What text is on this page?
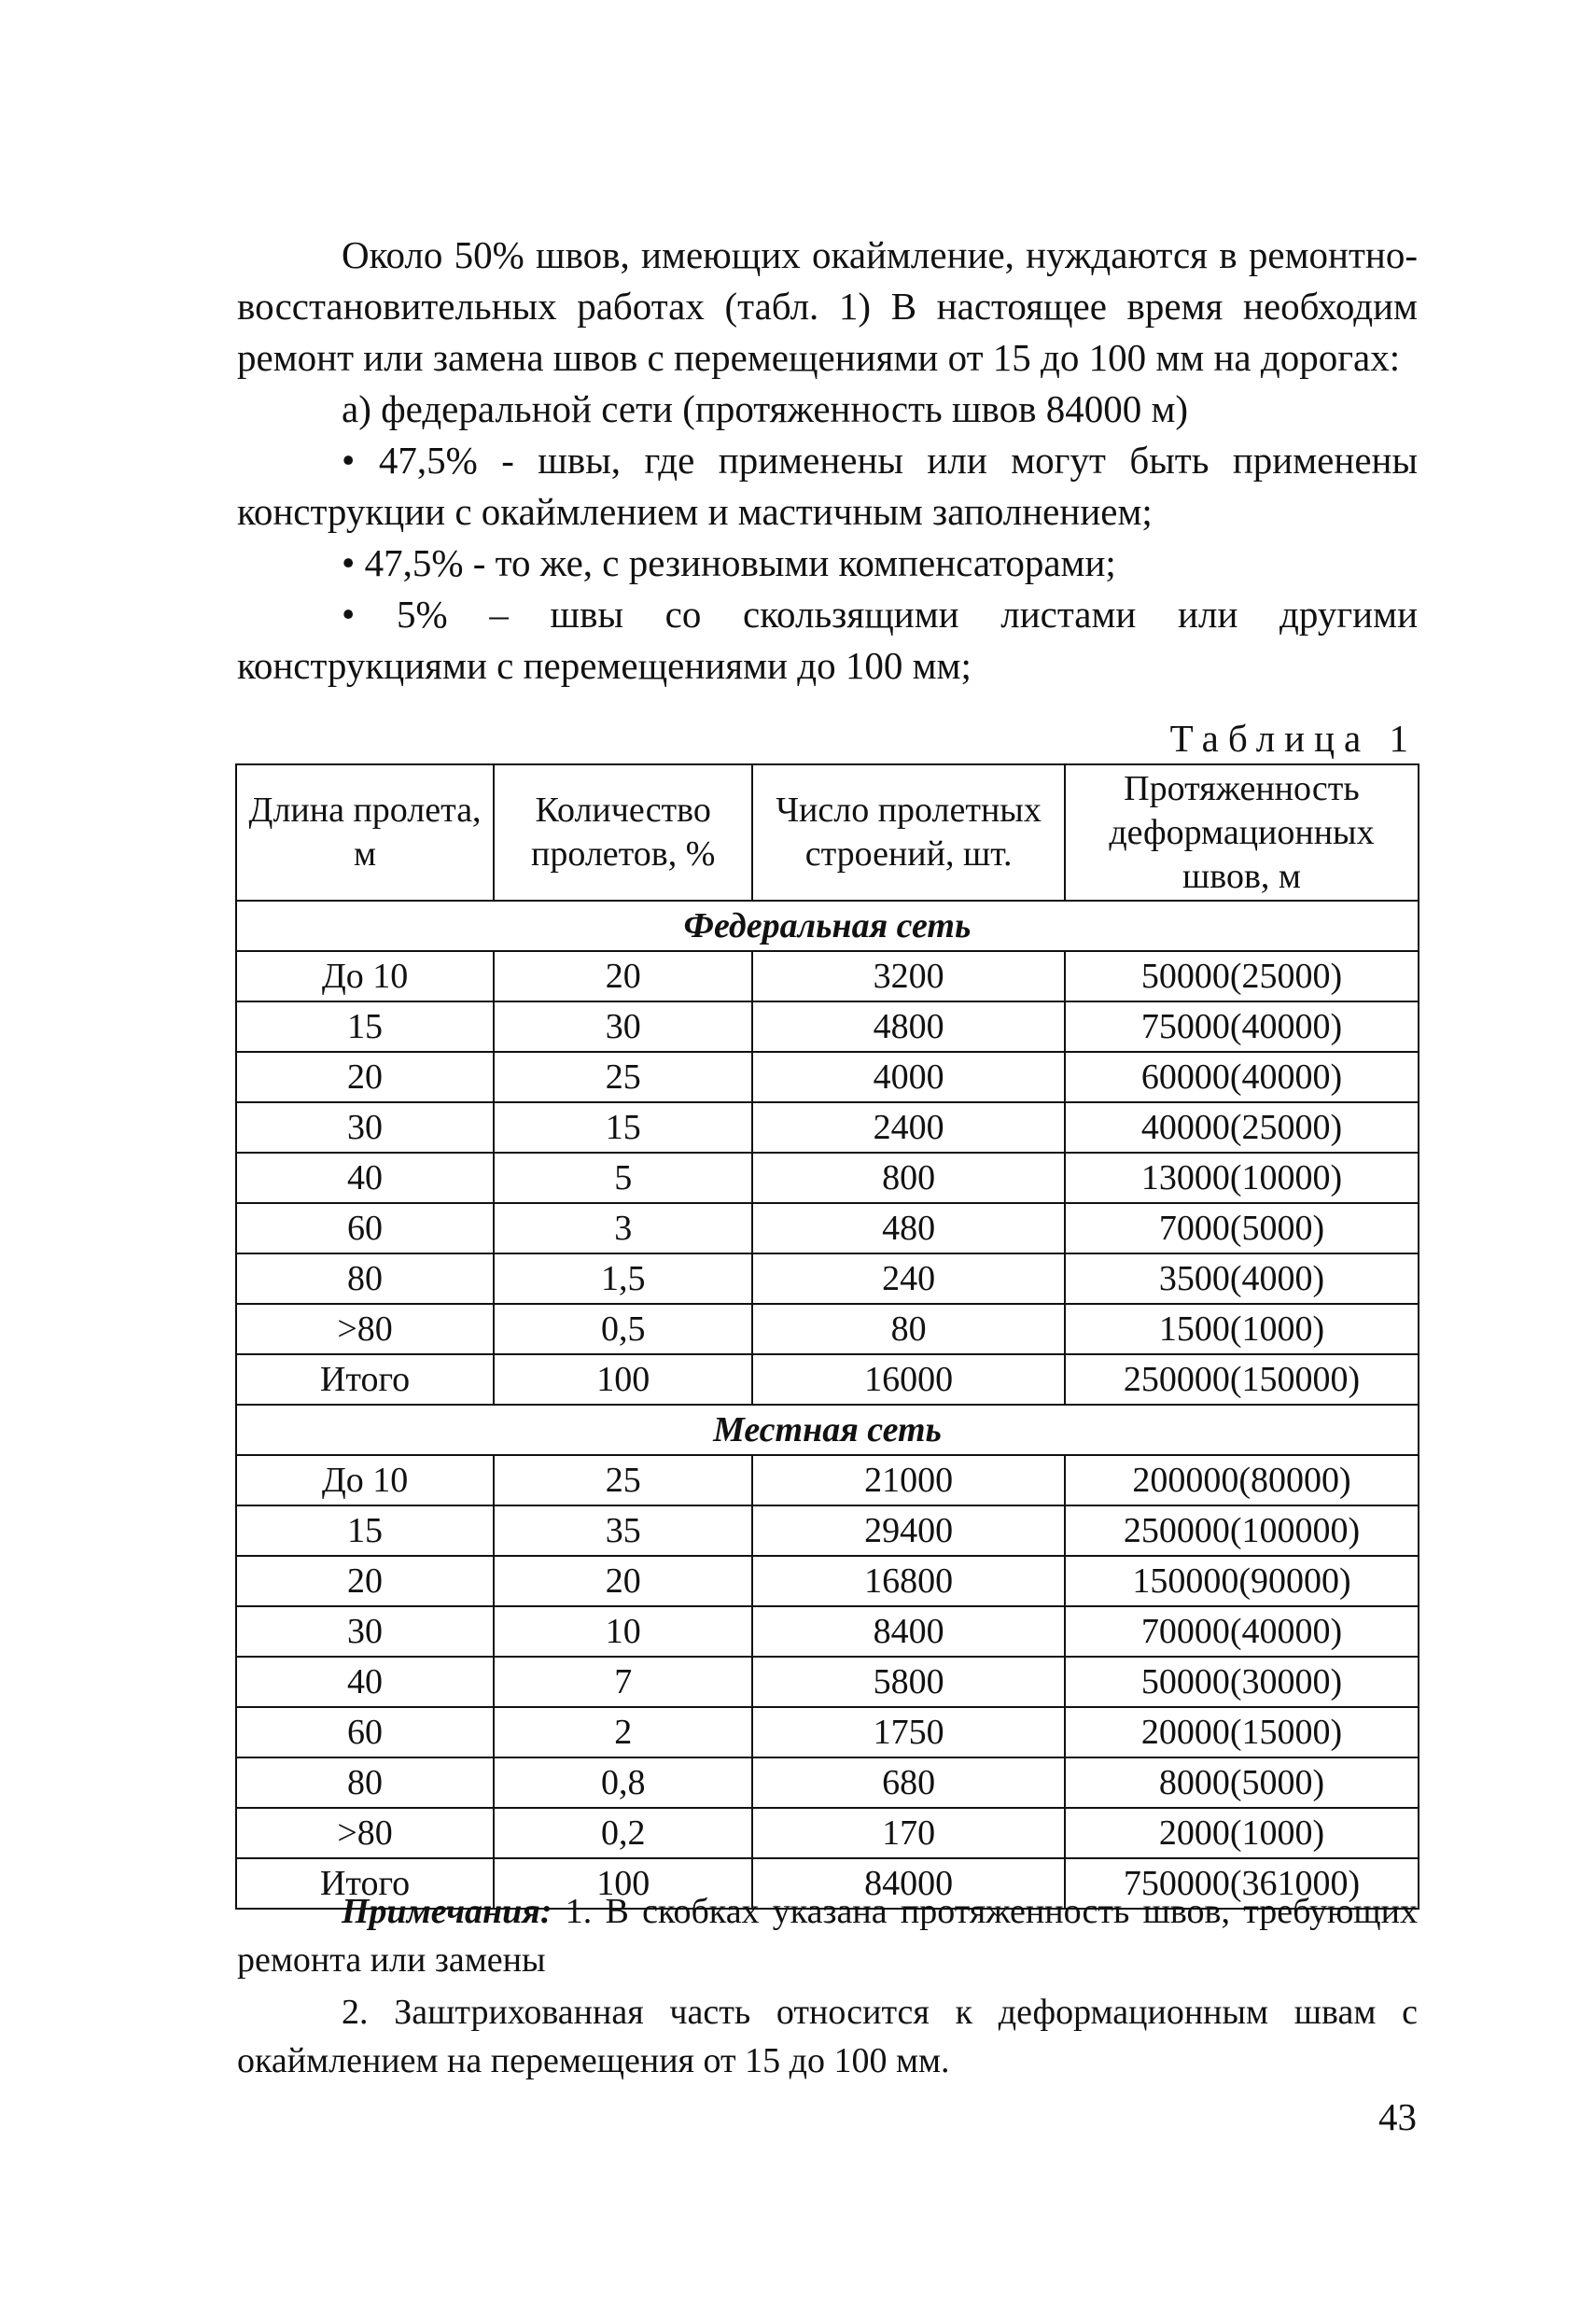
Около 50% швов, имеющих окаймление, нуждаются в ремонтно-восстановительных работах (табл. 1) В настоящее время необходим ремонт или замена швов с перемещениями от 15 до 100 мм на дорогах:

а) федеральной сети (протяженность швов 84000 м)

• 47,5% - швы, где применены или могут быть применены конструкции с окаймлением и мастичным заполнением;

• 47,5% - то же, с резиновыми компенсаторами;

• 5% – швы со скользящими листами или другими конструкциями с перемещениями до 100 мм;

Таблица 1
Длина пролета, м	Количество пролетов, %	Число пролетных строений, шт.	Протяженность деформационных швов, м
Федеральная сеть			
До 10	20	3200	50000(25000)
15	30	4800	75000(40000)
20	25	4000	60000(40000)
30	15	2400	40000(25000)
40	5	800	13000(10000)
60	3	480	7000(5000)
80	1,5	240	3500(4000)
>80	0,5	80	1500(1000)
Итого	100	16000	250000(150000)
Местная сеть			
До 10	25	21000	200000(80000)
15	35	29400	250000(100000)
20	20	16800	150000(90000)
30	10	8400	70000(40000)
40	7	5800	50000(30000)
60	2	1750	20000(15000)
80	0,8	680	8000(5000)
>80	0,2	170	2000(1000)
Итого	100	84000	750000(361000)

Примечания: 1. В скобках указана протяженность швов, требующих ремонта или замены

2. Заштрихованная часть относится к деформационным швам с окаймлением на перемещения от 15 до 100 мм.

43
